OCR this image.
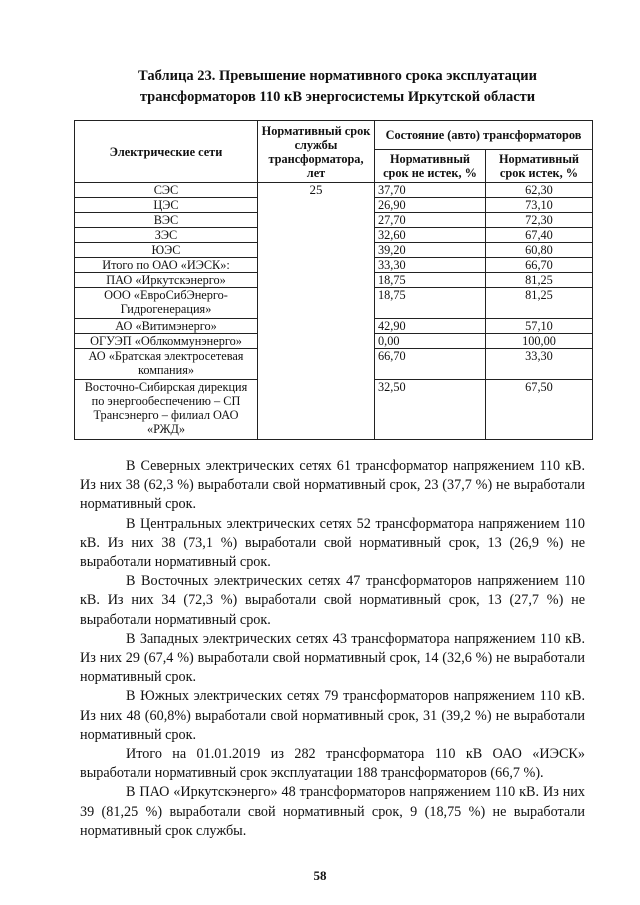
Таблица 23. Превышение нормативного срока эксплуатации
трансформаторов 110 кВ энергосистемы Иркутской области
Электрические сети	Нормативный срок службы трансформатора, лет	Состояние (авто) трансформаторов	
		Нормативный срок не истек, %	Нормативный срок истек, %
СЭС	25	37,70	62,30
ЦЭС		26,90	73,10
ВЭС		27,70	72,30
ЗЭС		32,60	67,40
ЮЭС		39,20	60,80
Итого по ОАО «ИЭСК»:		33,30	66,70
ПАО «Иркутскэнерго»		18,75	81,25
ООО «ЕвроСибЭнерго-Гидрогенерация»		18,75	81,25
АО «Витимэнерго»		42,90	57,10
ОГУЭП «Облкоммунэнерго»		0,00	100,00
АО «Братская электросетевая компания»		66,70	33,30
Восточно-Сибирская дирекция по энергообеспечению – СП Трансэнерго – филиал ОАО «РЖД»		32,50	67,50

В Северных электрических сетях 61 трансформатор напряжением 110 кВ. Из них 38 (62,3 %) выработали свой нормативный срок, 23 (37,7 %) не выработали нормативный срок.

В Центральных электрических сетях 52 трансформатора напряжением 110 кВ. Из них 38 (73,1 %) выработали свой нормативный срок, 13 (26,9 %) не выработали нормативный срок.

В Восточных электрических сетях 47 трансформаторов напряжением 110 кВ. Из них 34 (72,3 %) выработали свой нормативный срок, 13 (27,7 %) не выработали нормативный срок.

В Западных электрических сетях 43 трансформатора напряжением 110 кВ. Из них 29 (67,4 %) выработали свой нормативный срок, 14 (32,6 %) не выработали нормативный срок.

В Южных электрических сетях 79 трансформаторов напряжением 110 кВ. Из них 48 (60,8%) выработали свой нормативный срок, 31 (39,2 %) не выработали нормативный срок.

Итого на 01.01.2019 из 282 трансформатора 110 кВ ОАО «ИЭСК» выработали нормативный срок эксплуатации 188 трансформаторов (66,7 %).

В ПАО «Иркутскэнерго» 48 трансформаторов напряжением 110 кВ. Из них 39 (81,25 %) выработали свой нормативный срок, 9 (18,75 %) не выработали нормативный срок службы.

58
